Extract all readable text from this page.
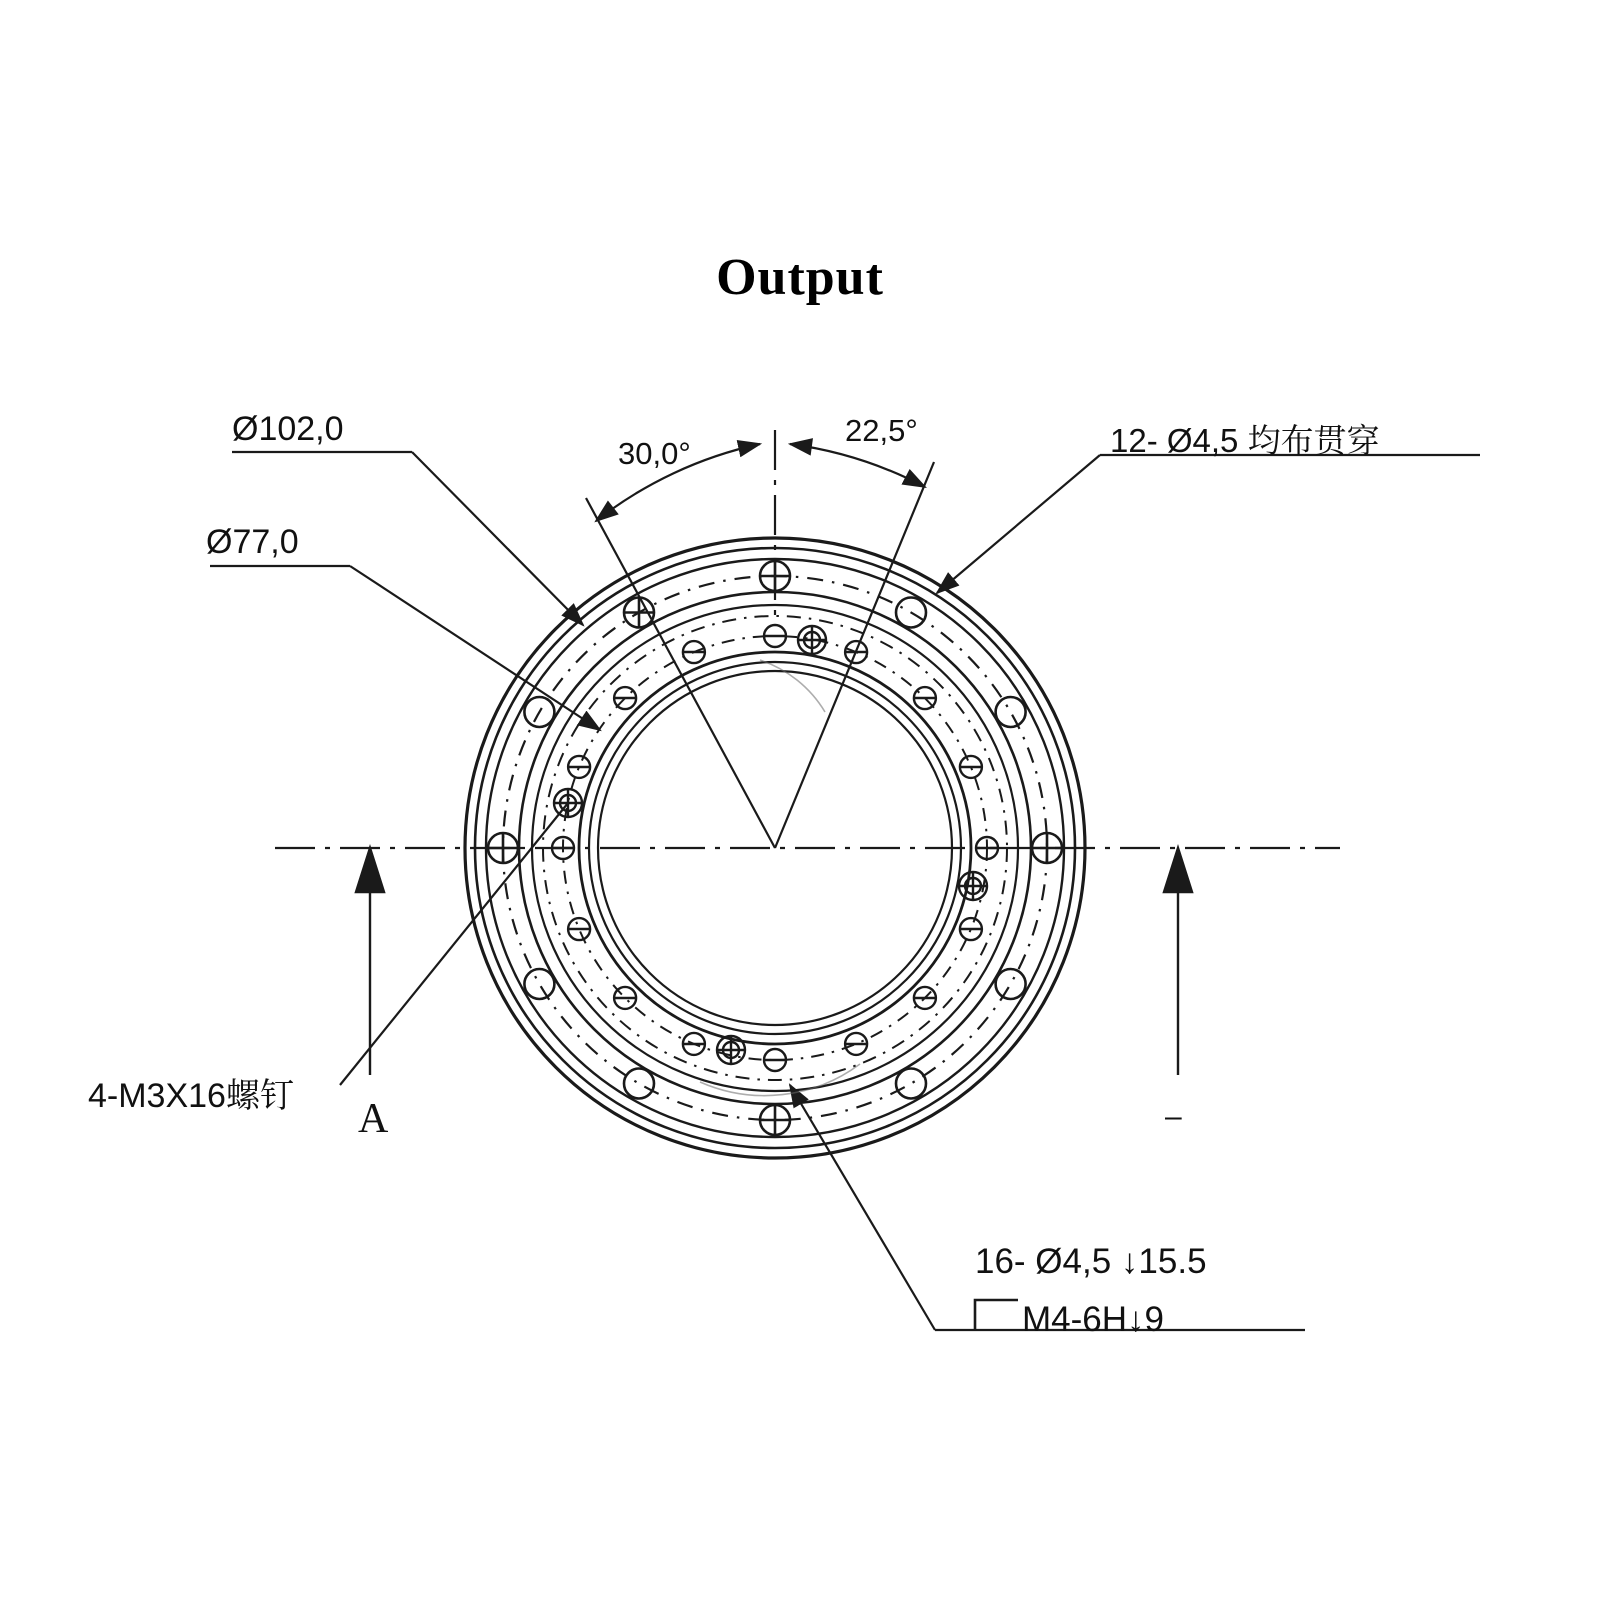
Output
Ø102,0
Ø77,0
30,0°
22,5°	12- Ø4,5 均布贯穿
4-M3X16螺钉 A
16- Ø4,5 ↓15.5
M4-6H↓9
–
